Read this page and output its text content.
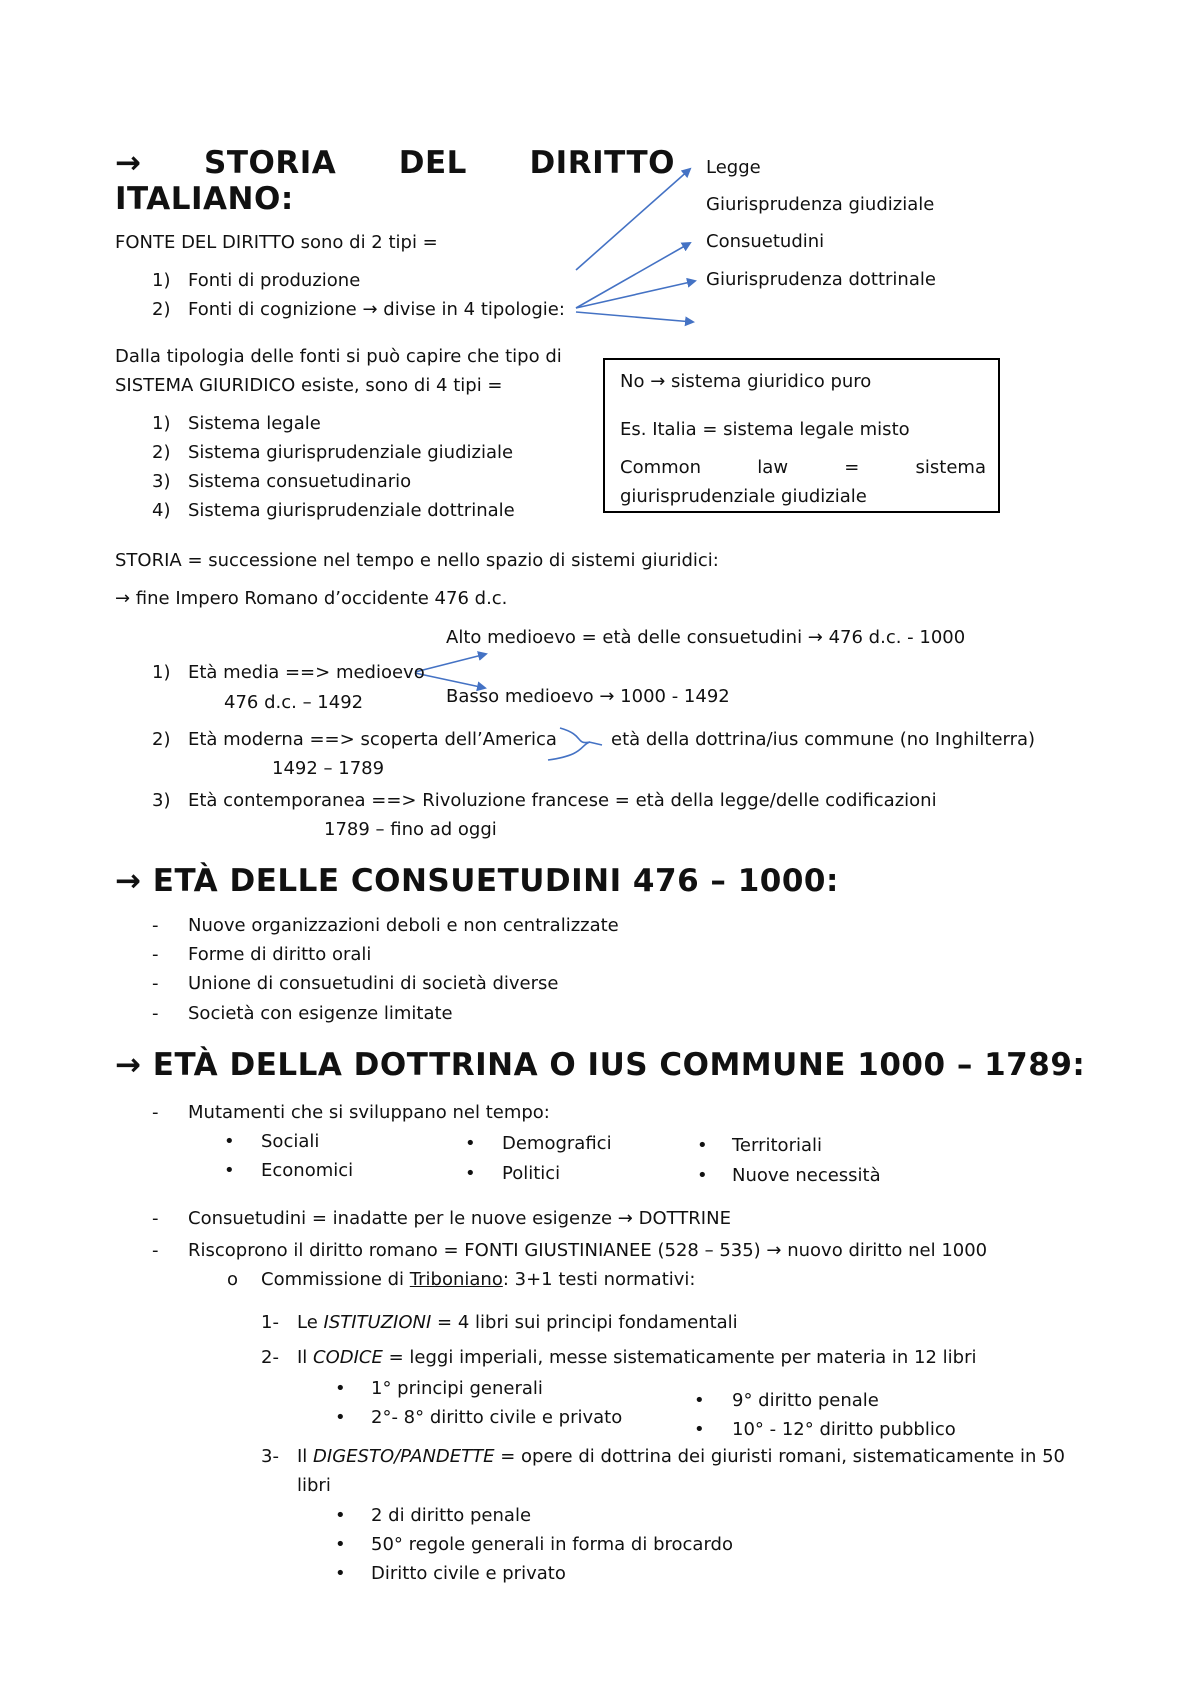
→ STORIA DEL DIRITTO
ITALIANO:
FONTE DEL DIRITTO sono di 2 tipi =
1) Fonti di produzione
2) Fonti di cognizione → divise in 4 tipologie:
Legge
Giurisprudenza giudiziale
Consuetudini
Giurisprudenza dottrinale
Dalla tipologia delle fonti si può capire che tipo di
SISTEMA GIURIDICO esiste, sono di 4 tipi =
1) Sistema legale
2) Sistema giurisprudenziale giudiziale
3) Sistema consuetudinario
4) Sistema giurisprudenziale dottrinale
No → sistema giuridico puro
Es. Italia = sistema legale misto
Common	law	=	sistema
giurisprudenziale giudiziale
STORIA = successione nel tempo e nello spazio di sistemi giuridici:
→ fine Impero Romano d’occidente 476 d.c.
Alto medioevo = età delle consuetudini → 476 d.c. - 1000
1) Età media ==> medioevo
476 d.c. – 1492	Basso medioevo → 1000 - 1492
2) Età moderna ==> scoperta dell’America	età della dottrina/ius commune (no Inghilterra)
1492 – 1789
3) Età contemporanea ==> Rivoluzione francese = età della legge/delle codificazioni
1789 – fino ad oggi
→ ETÀ DELLE CONSUETUDINI 476 – 1000:
- Nuove organizzazioni deboli e non centralizzate
- Forme di diritto orali
- Unione di consuetudini di società diverse
- Società con esigenze limitate
→ ETÀ DELLA DOTTRINA O IUS COMMUNE 1000 – 1789:
- Mutamenti che si sviluppano nel tempo:
• Sociali
• Economici
• Demografici
• Politici
• Territoriali
• Nuove necessità
- Consuetudini = inadatte per le nuove esigenze → DOTTRINE
- Riscoprono il diritto romano = FONTI GIUSTINIANEE (528 – 535) → nuovo diritto nel 1000
o Commissione di Triboniano: 3+1 testi normativi:
1- Le ISTITUZIONI = 4 libri sui principi fondamentali
2- Il CODICE = leggi imperiali, messe sistematicamente per materia in 12 libri
• 1° principi generali
• 2°- 8° diritto civile e privato
• 9° diritto penale
• 10° - 12° diritto pubblico
3- Il DIGESTO/PANDETTE = opere di dottrina dei giuristi romani, sistematicamente in 50
libri
• 2 di diritto penale
• 50° regole generali in forma di brocardo
• Diritto civile e privato
